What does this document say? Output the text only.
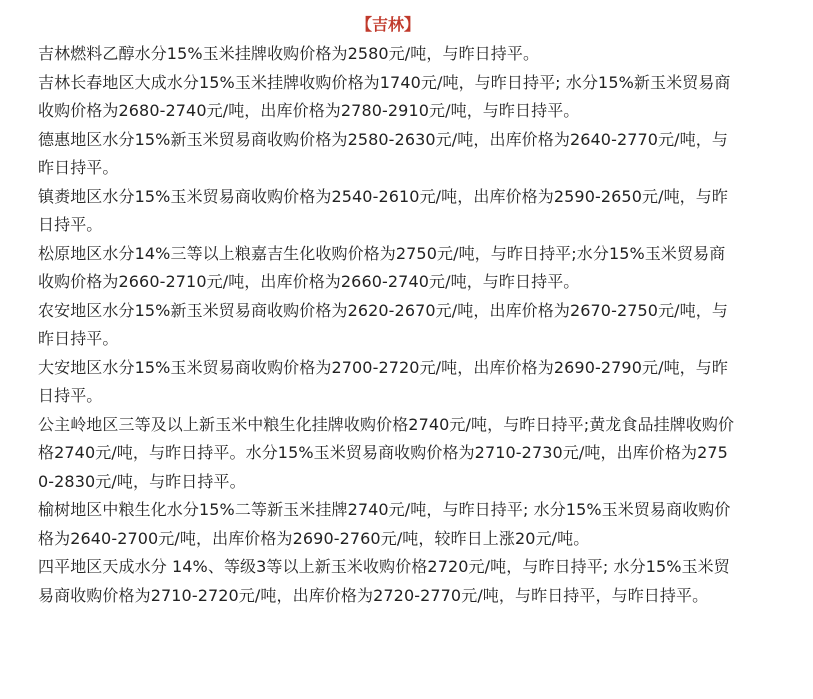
【吉林】

吉林燃料乙醇水分15%玉米挂牌收购价格为2580元/吨，与昨日持平。

吉林长春地区大成水分15%玉米挂牌收购价格为1740元/吨，与昨日持平; 水分15%新玉米贸易商收购价格为2680-2740元/吨，出库价格为2780-2910元/吨，与昨日持平。

德惠地区水分15%新玉米贸易商收购价格为2580-2630元/吨，出库价格为2640-2770元/吨，与昨日持平。

镇赉地区水分15%玉米贸易商收购价格为2540-2610元/吨，出库价格为2590-2650元/吨，与昨日持平。

松原地区水分14%三等以上粮嘉吉生化收购价格为2750元/吨，与昨日持平;水分15%玉米贸易商收购价格为2660-2710元/吨，出库价格为2660-2740元/吨，与昨日持平。

农安地区水分15%新玉米贸易商收购价格为2620-2670元/吨，出库价格为2670-2750元/吨，与昨日持平。

大安地区水分15%玉米贸易商收购价格为2700-2720元/吨，出库价格为2690-2790元/吨，与昨日持平。

公主岭地区三等及以上新玉米中粮生化挂牌收购价格2740元/吨，与昨日持平;黄龙食品挂牌收购价格2740元/吨，与昨日持平。水分15%玉米贸易商收购价格为2710-2730元/吨，出库价格为2750-2830元/吨，与昨日持平。

榆树地区中粮生化水分15%二等新玉米挂牌2740元/吨，与昨日持平; 水分15%玉米贸易商收购价格为2640-2700元/吨，出库价格为2690-2760元/吨，较昨日上涨20元/吨。

四平地区天成水分 14%、等级3等以上新玉米收购价格2720元/吨，与昨日持平; 水分15%玉米贸易商收购价格为2710-2720元/吨，出库价格为2720-2770元/吨，与昨日持平，与昨日持平。
